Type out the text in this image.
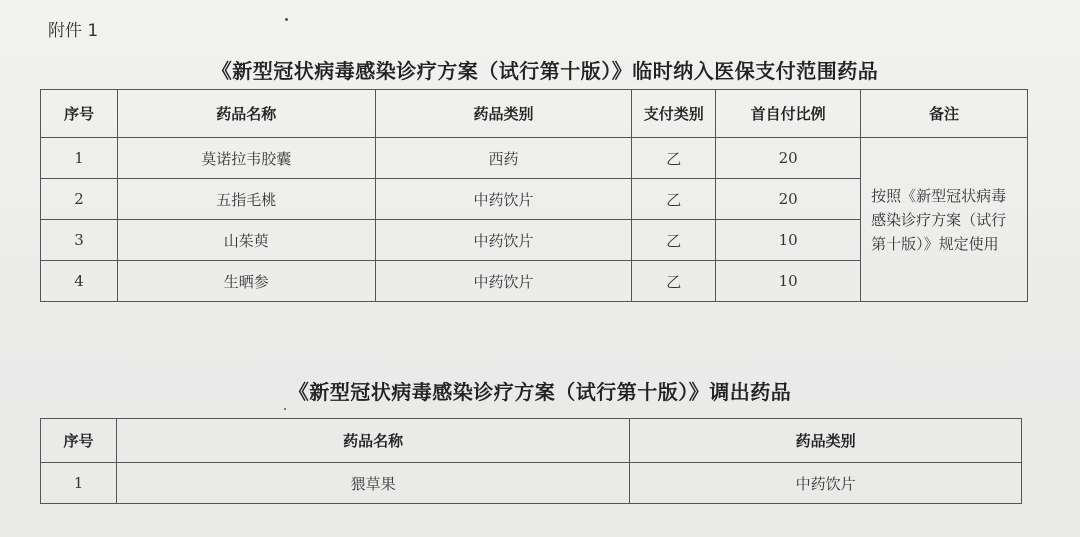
附件 1
《新型冠状病毒感染诊疗方案（试行第十版）》临时纳入医保支付范围药品
序号	药品名称	药品类别	支付类别	首自付比例	备注
1	莫诺拉韦胶囊	西药	乙	20	按照《新型冠状病毒感染诊疗方案（试行第十版）》规定使用
2	五指毛桃	中药饮片	乙	20	
3	山茱萸	中药饮片	乙	10	
4	生晒参	中药饮片	乙	10	
《新型冠状病毒感染诊疗方案（试行第十版）》调出药品
序号	药品名称	药品类别
1	猥草果	中药饮片
